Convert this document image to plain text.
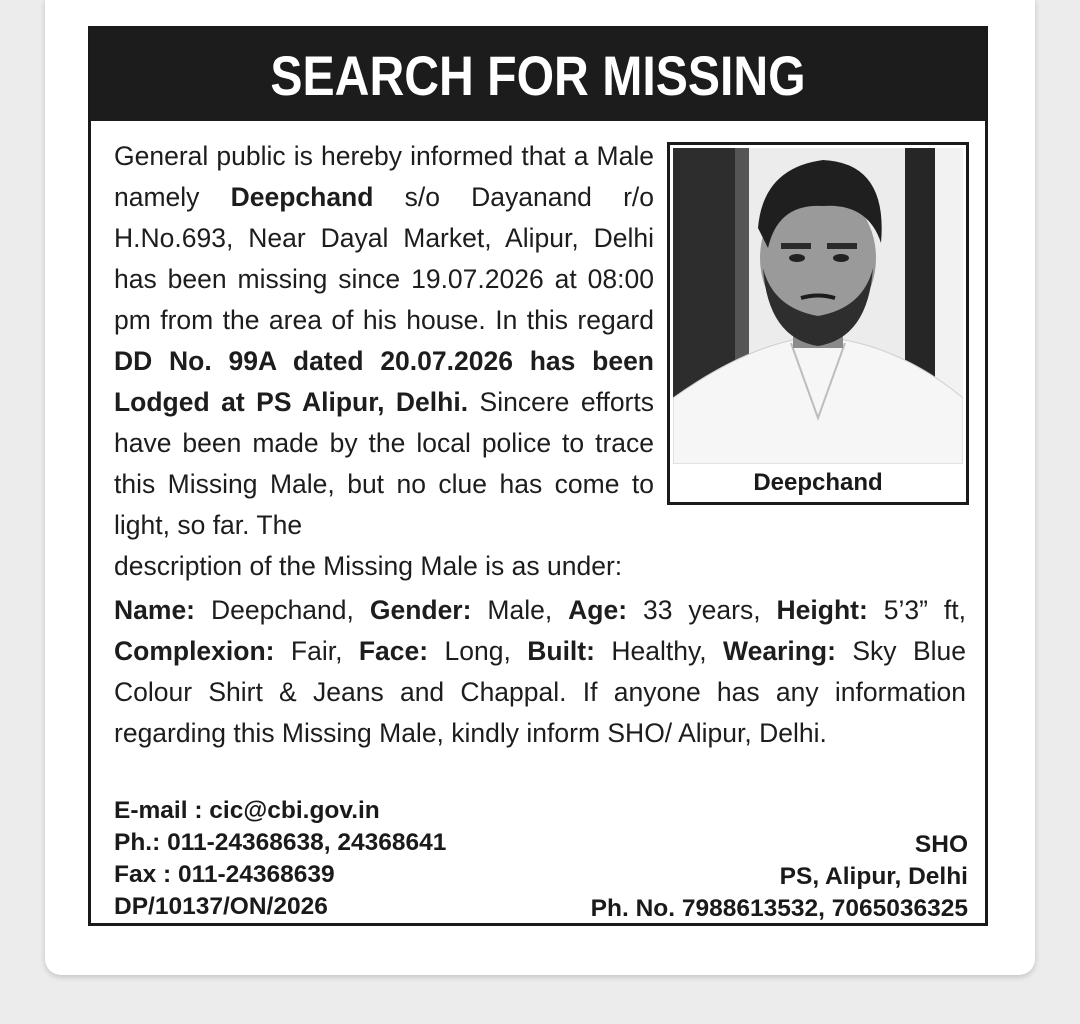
SEARCH FOR MISSING
General public is hereby informed that a Male namely Deepchand s/o Dayanand r/o H.No.693, Near Dayal Market, Alipur, Delhi has been missing since 19.07.2026 at 08:00 pm from the area of his house. In this regard DD No. 99A dated 20.07.2026 has been Lodged at PS Alipur, Delhi. Sincere efforts have been made by the local police to trace this Missing Male, but no clue has come to light, so far. The
description of the Missing Male is as under:
Deepchand
Name: Deepchand, Gender: Male, Age: 33 years, Height: 5’3” ft, Complexion: Fair, Face: Long, Built: Healthy, Wearing: Sky Blue Colour Shirt & Jeans and Chappal. If anyone has any information regarding this Missing Male, kindly inform SHO/ Alipur, Delhi.
E-mail : cic@cbi.gov.in
Ph.: 011-24368638, 24368641
Fax : 011-24368639
DP/10137/ON/2026
SHO
PS, Alipur, Delhi
Ph. No. 7988613532, 7065036325
